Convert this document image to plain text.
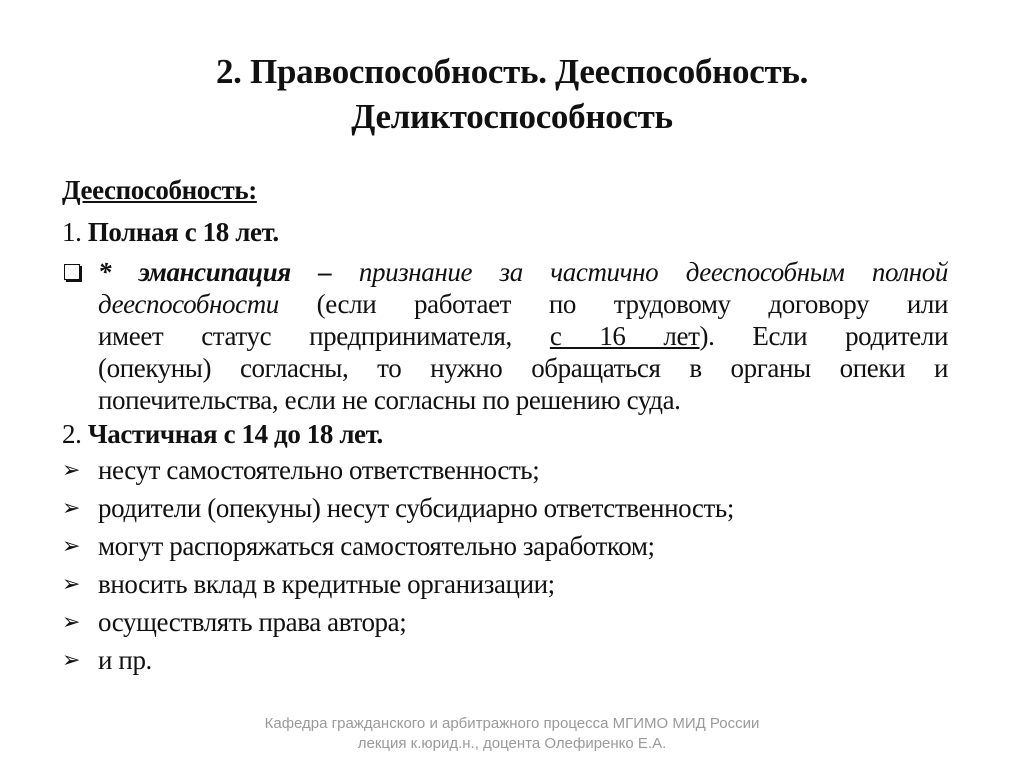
2. Правоспособность. Дееспособность.
Деликтоспособность
Дееспособность:
1. Полная с 18 лет.
* эмансипация – признание за частично дееспособным полной
дееспособности (если работает по трудовому договору или
имеет статус предпринимателя, с 16 лет). Если родители
(опекуны) согласны, то нужно обращаться в органы опеки и
попечительства, если не согласны по решению суда.
2. Частичная с 14 до 18 лет.
➢ несут самостоятельно ответственность;
➢ родители (опекуны) несут субсидиарно ответственность;
➢ могут распоряжаться самостоятельно заработком;
➢ вносить вклад в кредитные организации;
➢ осуществлять права автора;
➢ и пр.
Кафедра гражданского и арбитражного процесса МГИМО МИД России
лекция к.юрид.н., доцента Олефиренко Е.А.
